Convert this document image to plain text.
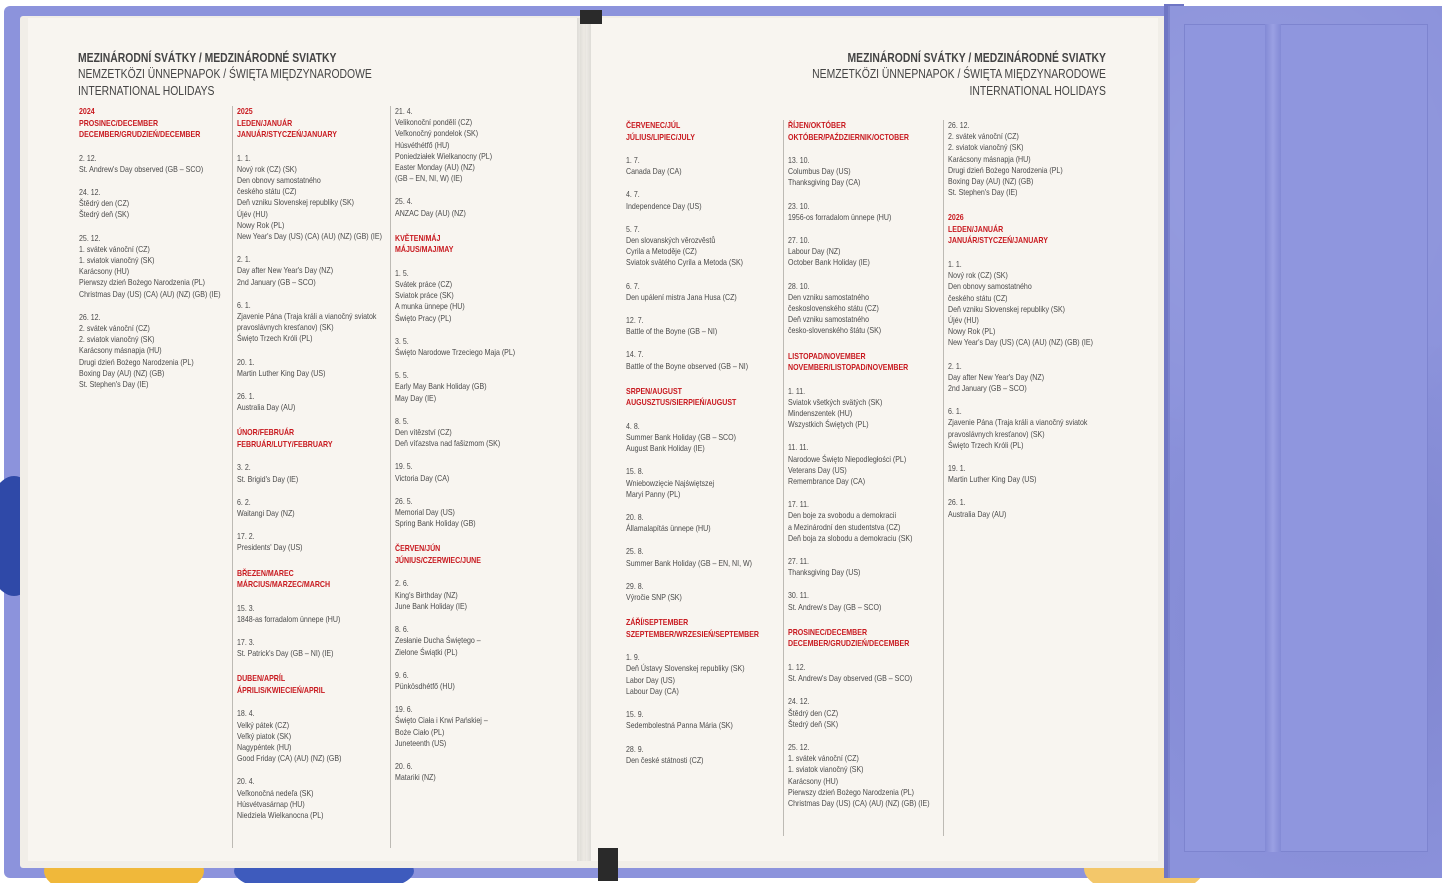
MEZINÁRODNÍ SVÁTKY / MEDZINÁRODNÉ SVIATKY
NEMZETKÖZI ÜNNEPNAPOK / ŚWIĘTA MIĘDZYNARODOWE
INTERNATIONAL HOLIDAYS
2024
PROSINEC/DECEMBER
DECEMBER/GRUDZIEŃ/DECEMBER
2. 12.
St. Andrew's Day observed (GB – SCO)
24. 12.
Štědrý den (CZ)
Štedrý deň (SK)
25. 12.
1. svátek vánoční (CZ)
1. sviatok vianočný (SK)
Karácsony (HU)
Pierwszy dzień Bożego Narodzenia (PL)
Christmas Day (US) (CA) (AU) (NZ) (GB) (IE)
26. 12.
2. svátek vánoční (CZ)
2. sviatok vianočný (SK)
Karácsony másnapja (HU)
Drugi dzień Bożego Narodzenia (PL)
Boxing Day (AU) (NZ) (GB)
St. Stephen's Day (IE)
2025
LEDEN/JANUÁR
JANUÁR/STYCZEŃ/JANUARY
1. 1.
Nový rok (CZ) (SK)
Den obnovy samostatného
českého státu (CZ)
Deň vzniku Slovenskej republiky (SK)
Újév (HU)
Nowy Rok (PL)
New Year's Day (US) (CA) (AU) (NZ) (GB) (IE)
2. 1.
Day after New Year's Day (NZ)
2nd January (GB – SCO)
6. 1.
Zjavenie Pána (Traja králi a vianočný sviatok
pravoslávnych kresťanov) (SK)
Święto Trzech Króli (PL)
20. 1.
Martin Luther King Day (US)
26. 1.
Australia Day (AU)
ÚNOR/FEBRUÁR
FEBRUÁR/LUTY/FEBRUARY
3. 2.
St. Brigid's Day (IE)
6. 2.
Waitangi Day (NZ)
17. 2.
Presidents' Day (US)
BŘEZEN/MAREC
MÁRCIUS/MARZEC/MARCH
15. 3.
1848-as forradalom ünnepe (HU)
17. 3.
St. Patrick's Day (GB – NI) (IE)
DUBEN/APRÍL
ÁPRILIS/KWIECIEŃ/APRIL
18. 4.
Velký pátek (CZ)
Veľký piatok (SK)
Nagypéntek (HU)
Good Friday (CA) (AU) (NZ) (GB)
20. 4.
Veľkonočná nedeľa (SK)
Húsvétvasárnap (HU)
Niedziela Wielkanocna (PL)
21. 4.
Velikonoční pondělí (CZ)
Veľkonočný pondelok (SK)
Húsvéthétfő (HU)
Poniedziałek Wielkanocny (PL)
Easter Monday (AU) (NZ)
(GB – EN, NI, W) (IE)
25. 4.
ANZAC Day (AU) (NZ)
KVĚTEN/MÁJ
MÁJUS/MAJ/MAY
1. 5.
Svátek práce (CZ)
Sviatok práce (SK)
A munka ünnepe (HU)
Święto Pracy (PL)
3. 5.
Święto Narodowe Trzeciego Maja (PL)
5. 5.
Early May Bank Holiday (GB)
May Day (IE)
8. 5.
Den vítězství (CZ)
Deň víťazstva nad fašizmom (SK)
19. 5.
Victoria Day (CA)
26. 5.
Memorial Day (US)
Spring Bank Holiday (GB)
ČERVEN/JÚN
JÚNIUS/CZERWIEC/JUNE
2. 6.
King's Birthday (NZ)
June Bank Holiday (IE)
8. 6.
Zesłanie Ducha Świętego –
Zielone Świątki (PL)
9. 6.
Pünkösdhétfő (HU)
19. 6.
Święto Ciała i Krwi Pańskiej –
Boże Ciało (PL)
Juneteenth (US)
20. 6.
Matariki (NZ)
MEZINÁRODNÍ SVÁTKY / MEDZINÁRODNÉ SVIATKY
NEMZETKÖZI ÜNNEPNAPOK / ŚWIĘTA MIĘDZYNARODOWE
INTERNATIONAL HOLIDAYS
ČERVENEC/JÚL
JÚLIUS/LIPIEC/JULY
1. 7.
Canada Day (CA)
4. 7.
Independence Day (US)
5. 7.
Den slovanských věrozvěstů
Cyrila a Metoděje (CZ)
Sviatok svätého Cyrila a Metoda (SK)
6. 7.
Den upálení mistra Jana Husa (CZ)
12. 7.
Battle of the Boyne (GB – NI)
14. 7.
Battle of the Boyne observed (GB – NI)
SRPEN/AUGUST
AUGUSZTUS/SIERPIEŃ/AUGUST
4. 8.
Summer Bank Holiday (GB – SCO)
August Bank Holiday (IE)
15. 8.
Wniebowzięcie Najświętszej
Maryi Panny (PL)
20. 8.
Államalapítás ünnepe (HU)
25. 8.
Summer Bank Holiday (GB – EN, NI, W)
29. 8.
Výročie SNP (SK)
ZÁŘÍ/SEPTEMBER
SZEPTEMBER/WRZESIEŃ/SEPTEMBER
1. 9.
Deň Ústavy Slovenskej republiky (SK)
Labor Day (US)
Labour Day (CA)
15. 9.
Sedembolestná Panna Mária (SK)
28. 9.
Den české státnosti (CZ)
ŘÍJEN/OKTÓBER
OKTÓBER/PAŹDZIERNIK/OCTOBER
13. 10.
Columbus Day (US)
Thanksgiving Day (CA)
23. 10.
1956-os forradalom ünnepe (HU)
27. 10.
Labour Day (NZ)
October Bank Holiday (IE)
28. 10.
Den vzniku samostatného
československého státu (CZ)
Deň vzniku samostatného
česko-slovenského štátu (SK)
LISTOPAD/NOVEMBER
NOVEMBER/LISTOPAD/NOVEMBER
1. 11.
Sviatok všetkých svätých (SK)
Mindenszentek (HU)
Wszystkich Świętych (PL)
11. 11.
Narodowe Święto Niepodległości (PL)
Veterans Day (US)
Remembrance Day (CA)
17. 11.
Den boje za svobodu a demokracii
a Mezinárodní den studentstva (CZ)
Deň boja za slobodu a demokraciu (SK)
27. 11.
Thanksgiving Day (US)
30. 11.
St. Andrew's Day (GB – SCO)
PROSINEC/DECEMBER
DECEMBER/GRUDZIEŃ/DECEMBER
1. 12.
St. Andrew's Day observed (GB – SCO)
24. 12.
Štědrý den (CZ)
Štedrý deň (SK)
25. 12.
1. svátek vánoční (CZ)
1. sviatok vianočný (SK)
Karácsony (HU)
Pierwszy dzień Bożego Narodzenia (PL)
Christmas Day (US) (CA) (AU) (NZ) (GB) (IE)
26. 12.
2. svátek vánoční (CZ)
2. sviatok vianočný (SK)
Karácsony másnapja (HU)
Drugi dzień Bożego Narodzenia (PL)
Boxing Day (AU) (NZ) (GB)
St. Stephen's Day (IE)
2026
LEDEN/JANUÁR
JANUÁR/STYCZEŃ/JANUARY
1. 1.
Nový rok (CZ) (SK)
Den obnovy samostatného
českého státu (CZ)
Deň vzniku Slovenskej republiky (SK)
Újév (HU)
Nowy Rok (PL)
New Year's Day (US) (CA) (AU) (NZ) (GB) (IE)
2. 1.
Day after New Year's Day (NZ)
2nd January (GB – SCO)
6. 1.
Zjavenie Pána (Traja králi a vianočný sviatok
pravoslávnych kresťanov) (SK)
Święto Trzech Króli (PL)
19. 1.
Martin Luther King Day (US)
26. 1.
Australia Day (AU)
